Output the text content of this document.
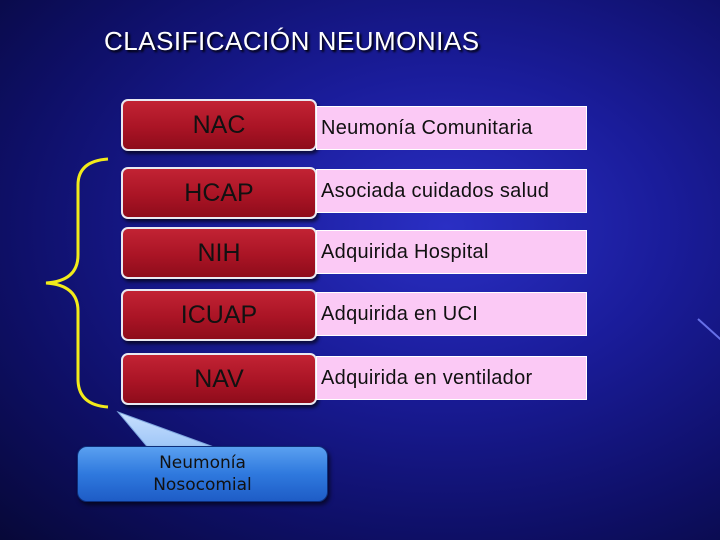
CLASIFICACIÓN NEUMONIAS
NAC	Neumonía Comunitaria
HCAP	Asociada cuidados salud
NIH	Adquirida Hospital
ICUAP	Adquirida en UCI
NAV	Adquirida en ventilador
Neumonía
Nosocomial
